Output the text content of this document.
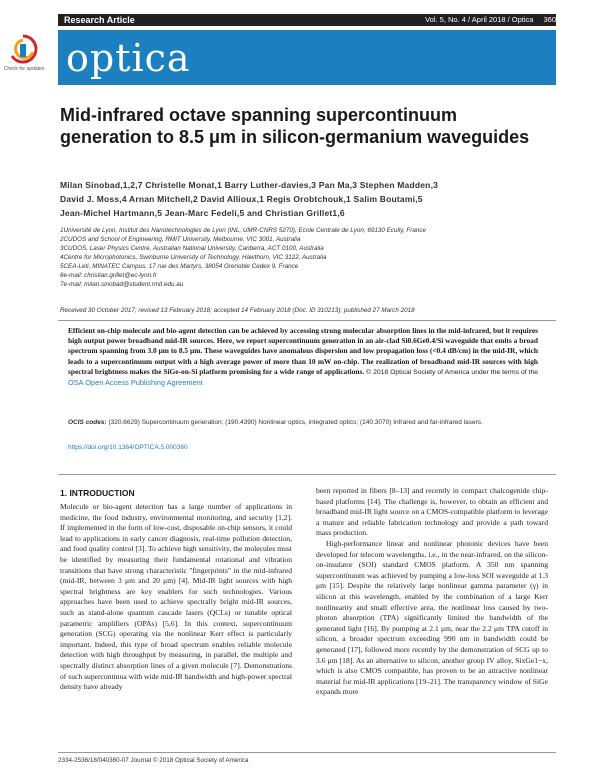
Research Article	Vol. 5, No. 4 / April 2018 / Optica 360
Check for updates optica
Mid-infrared octave spanning supercontinuum generation to 8.5 μm in silicon-germanium waveguides
Milan Sinobad,1,2,7 Christelle Monat,1 Barry Luther-davies,3 Pan Ma,3 Stephen Madden,3
David J. Moss,4 Arnan Mitchell,2 David Allioux,1 Regis Orobtchouk,1 Salim Boutami,5
Jean-Michel Hartmann,5 Jean-Marc Fedeli,5 and Christian Grillet1,6
1Université de Lyon, Institut des Nanotechnologies de Lyon (INL, UMR-CNRS 5270), Ecole Centrale de Lyon, 69130 Ecully, France
2CUDOS and School of Engineering, RMIT University, Melbourne, VIC 3001, Australia
3CUDOS, Laser Physics Centre, Australian National University, Canberra, ACT 0100, Australia
4Centre for Microphotonics, Swinburne University of Technology, Hawthorn, VIC 3122, Australia
5CEA-Leti, MINATEC Campus, 17 rue des Martyrs, 38054 Grenoble Cedex 9, France
6e-mail: christian.grillet@ec-lyon.fr
7e-mail: milan.sinobad@student.rmit.edu.au
Received 30 October 2017; revised 13 February 2018; accepted 14 February 2018 (Doc. ID 310213); published 27 March 2018
Efficient on-chip molecule and bio-agent detection can be achieved by accessing strong molecular absorption lines in the mid-infrared, but it requires high output power broadband mid-IR sources. Here, we report supercontinuum generation in an air-clad Si0.6Ge0.4/Si waveguide that emits a broad spectrum spanning from 3.0 μm to 8.5 μm. These waveguides have anomalous dispersion and low propagation loss (<0.4 dB/cm) in the mid-IR, which leads to a supercontinuum output with a high average power of more than 10 mW on-chip. The realization of broadband mid-IR sources with high spectral brightness makes the SiGe-on-Si platform promising for a wide range of applications. © 2018 Optical Society of America under the terms of the OSA Open Access Publishing Agreement
OCIS codes: (320.6629) Supercontinuum generation; (190.4390) Nonlinear optics, integrated optics; (140.3070) Infrared and far-infrared lasers.
https://doi.org/10.1364/OPTICA.5.000360
1. INTRODUCTION

Molecule or bio-agent detection has a large number of applications in medicine, the food industry, environmental monitoring, and security [1,2]. If implemented in the form of low-cost, disposable on-chip sensors, it could lead to applications in early cancer diagnosis, real-time pollution detection, and food quality control [3]. To achieve high sensitivity, the molecules must be identified by measuring their fundamental rotational and vibration transitions that have strong characteristic "fingerprints" in the mid-infrared (mid-IR, between 3 μm and 20 μm) [4]. Mid-IR light sources with high spectral brightness are key enablers for such technologies. Various approaches have been used to achieve spectrally bright mid-IR sources, such as stand-alone quantum cascade lasers (QCLs) or tunable optical parametric amplifiers (OPAs) [5,6]. In this context, supercontinuum generation (SCG) operating via the nonlinear Kerr effect is particularly important. Indeed, this type of broad spectrum enables reliable molecule detection with high throughput by measuring, in parallel, the multiple and spectrally distinct absorption lines of a given molecule [7]. Demonstrations of such supercontinua with wide mid-IR bandwidth and high-power spectral density have already

been reported in fibers [8–13] and recently in compact chalcogenide chip-based platforms [14]. The challenge is, however, to obtain an efficient and broadband mid-IR light source on a CMOS-compatible platform to leverage a mature and reliable fabrication technology and provide a path toward mass production.

High-performance linear and nonlinear photonic devices have been developed for telecom wavelengths, i.e., in the near-infrared, on the silicon-on-insulator (SOI) standard CMOS platform. A 350 nm spanning supercontinuum was achieved by pumping a low-loss SOI waveguide at 1.3 μm [15]. Despite the relatively large nonlinear gamma parameter (γ) in silicon at this wavelength, enabled by the combination of a large Kerr nonlinearity and small effective area, the nonlinear loss caused by two-photon absorption (TPA) significantly limited the bandwidth of the generated light [16]. By pumping at 2.1 μm, near the 2.2 μm TPA cutoff in silicon, a broader spectrum exceeding 990 nm in bandwidth could be generated [17], followed more recently by the demonstration of SCG up to 3.6 μm [18]. As an alternative to silicon, another group IV alloy, SixGe1−x, which is also CMOS compatible, has proven to be an attractive nonlinear material for mid-IR applications [19–21]. The transparency window of SiGe expands more

2334-2536/18/040360-07 Journal © 2018 Optical Society of America
